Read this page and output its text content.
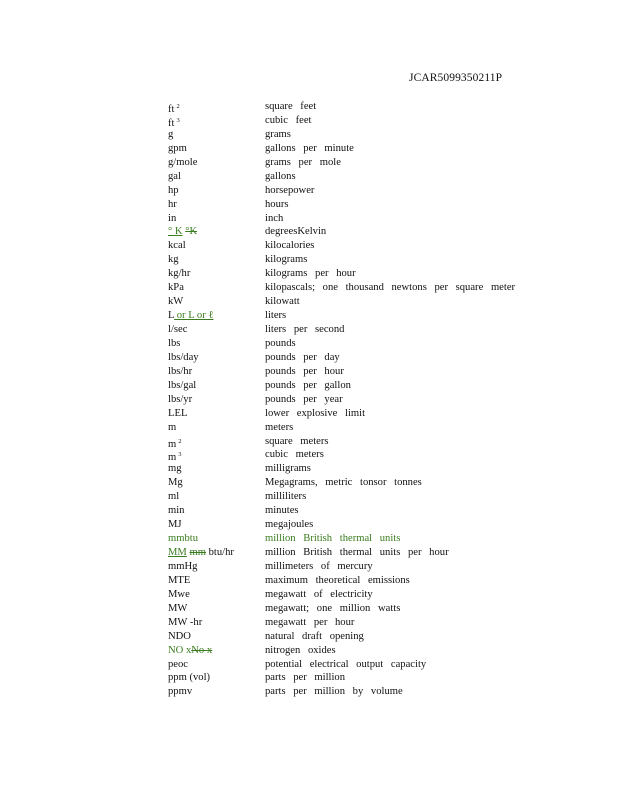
JCAR5099350211P
ft $^2$	square feet
ft $^3$	cubic feet
g	grams
gpm	gallons per minute
g/mole	grams per mole
gal	gallons
hp	horsepower
hr	hours
in	inch
° K °K	degreesKelvin
kcal	kilocalories
kg	kilograms
kg/hr	kilograms per hour
kPa	kilopascals; one thousand newtons per square meter
kW	kilowatt
L or L or ℓ	liters
l/sec	liters per second
lbs	pounds
lbs/day	pounds per day
lbs/hr	pounds per hour
lbs/gal	pounds per gallon
lbs/yr	pounds per year
LEL	lower explosive limit
m	meters
m $^2$	square meters
m $^3$	cubic meters
mg	milligrams
Mg	Megagrams, metric tonsor tonnes
ml	milliliters
min	minutes
MJ	megajoules
mmbtu	million British thermal units
MM mm btu/hr	million British thermal units per hour
mmHg	millimeters of mercury
MTE	maximum theoretical emissions
Mwe	megawatt of electricity
MW	megawatt; one million watts
MW -hr	megawatt per hour
NDO	natural draft opening
NO xNo x	nitrogen oxides
peoc	potential electrical output capacity
ppm (vol)	parts per million
ppmv	parts per million by volume
